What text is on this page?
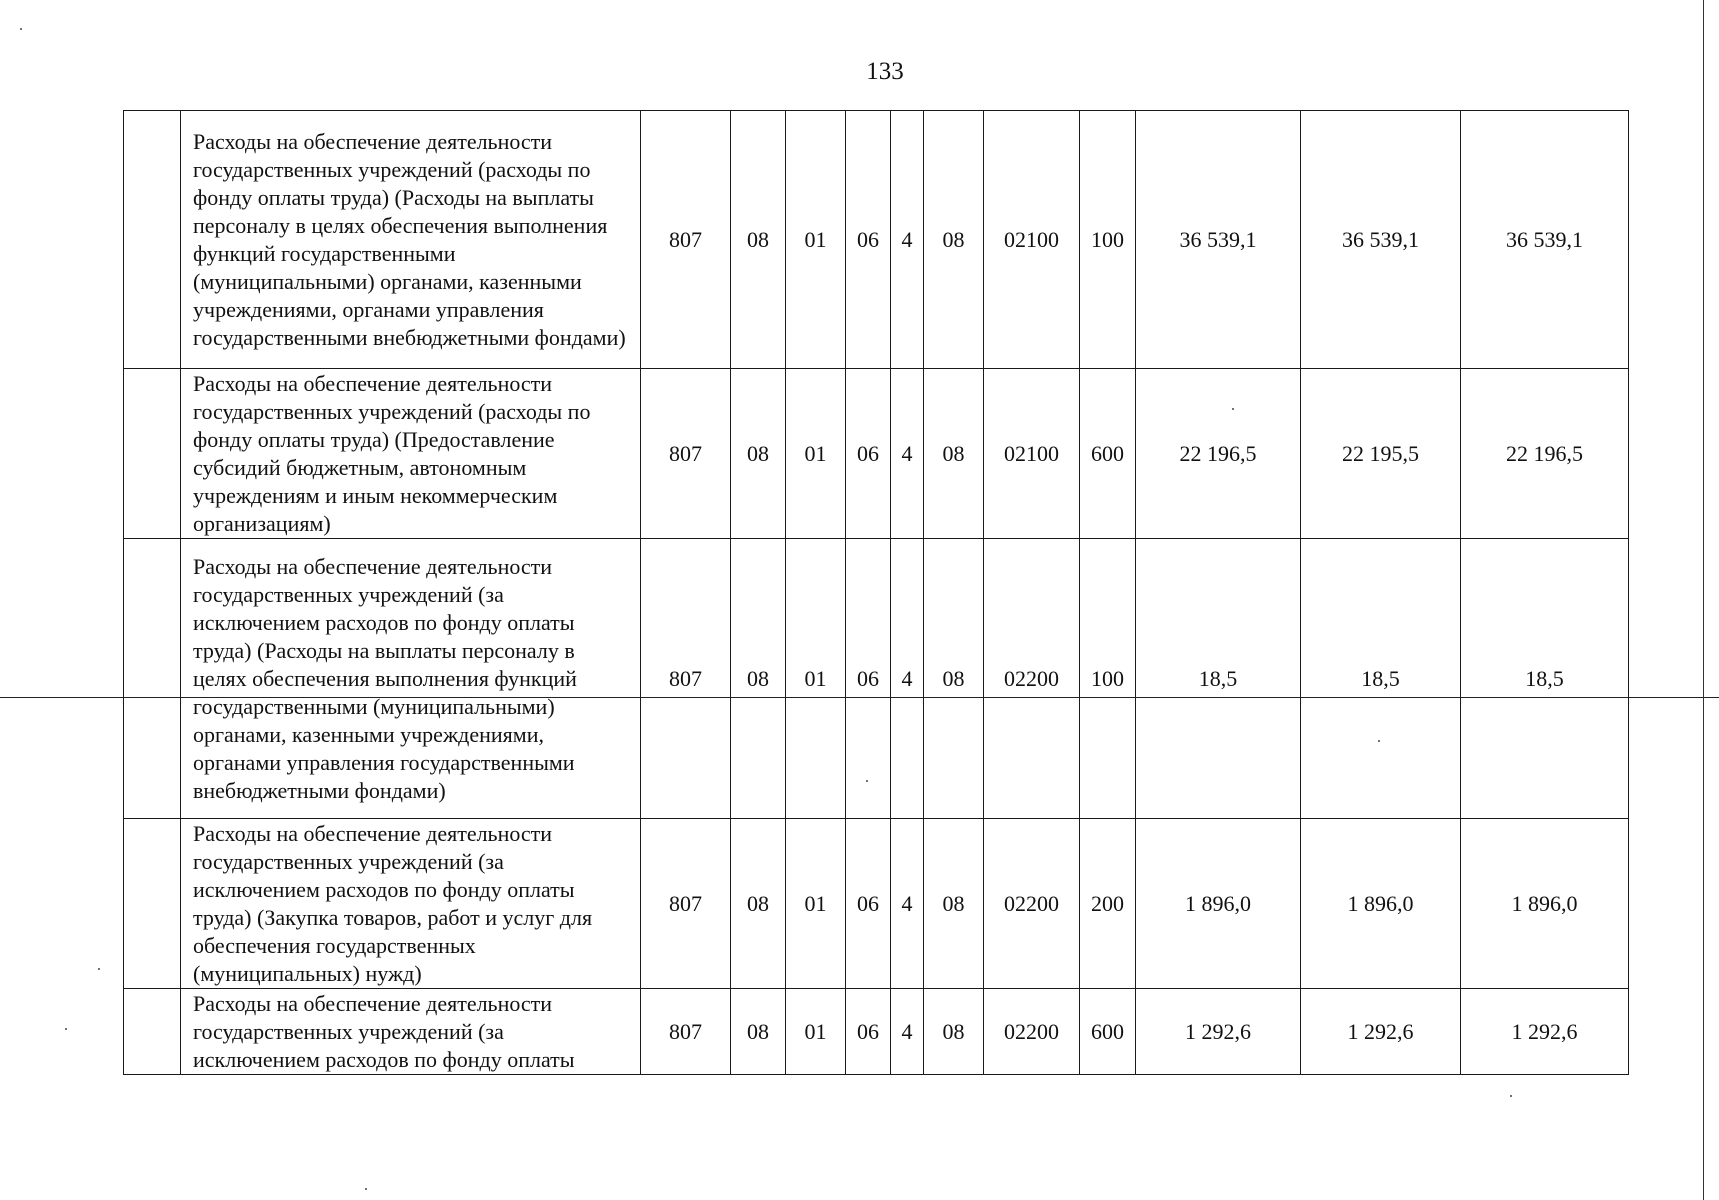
133
	Расходы на обеспечение деятельности государственных учреждений (расходы по фонду оплаты труда) (Расходы на выплаты персоналу в целях обеспечения выполнения функций государственными (муниципальными) органами, казенными учреждениями, органами управления государственными внебюджетными фондами)	807	08	01	06	4	08	02100	100	36 539,1	36 539,1	36 539,1
	Расходы на обеспечение деятельности государственных учреждений (расходы по фонду оплаты труда) (Предоставление субсидий бюджетным, автономным учреждениям и иным некоммерческим организациям)	807	08	01	06	4	08	02100	600	22 196,5	22 195,5	22 196,5
	Расходы на обеспечение деятельности государственных учреждений (за исключением расходов по фонду оплаты труда) (Расходы на выплаты персоналу в целях обеспечения выполнения функций государственными (муниципальными) органами, казенными учреждениями, органами управления государственными внебюджетными фондами)	807	08	01	06	4	08	02200	100	18,5	18,5	18,5
	Расходы на обеспечение деятельности государственных учреждений (за исключением расходов по фонду оплаты труда) (Закупка товаров, работ и услуг для обеспечения государственных (муниципальных) нужд)	807	08	01	06	4	08	02200	200	1 896,0	1 896,0	1 896,0
	Расходы на обеспечение деятельности государственных учреждений (за исключением расходов по фонду оплаты	807	08	01	06	4	08	02200	600	1 292,6	1 292,6	1 292,6
